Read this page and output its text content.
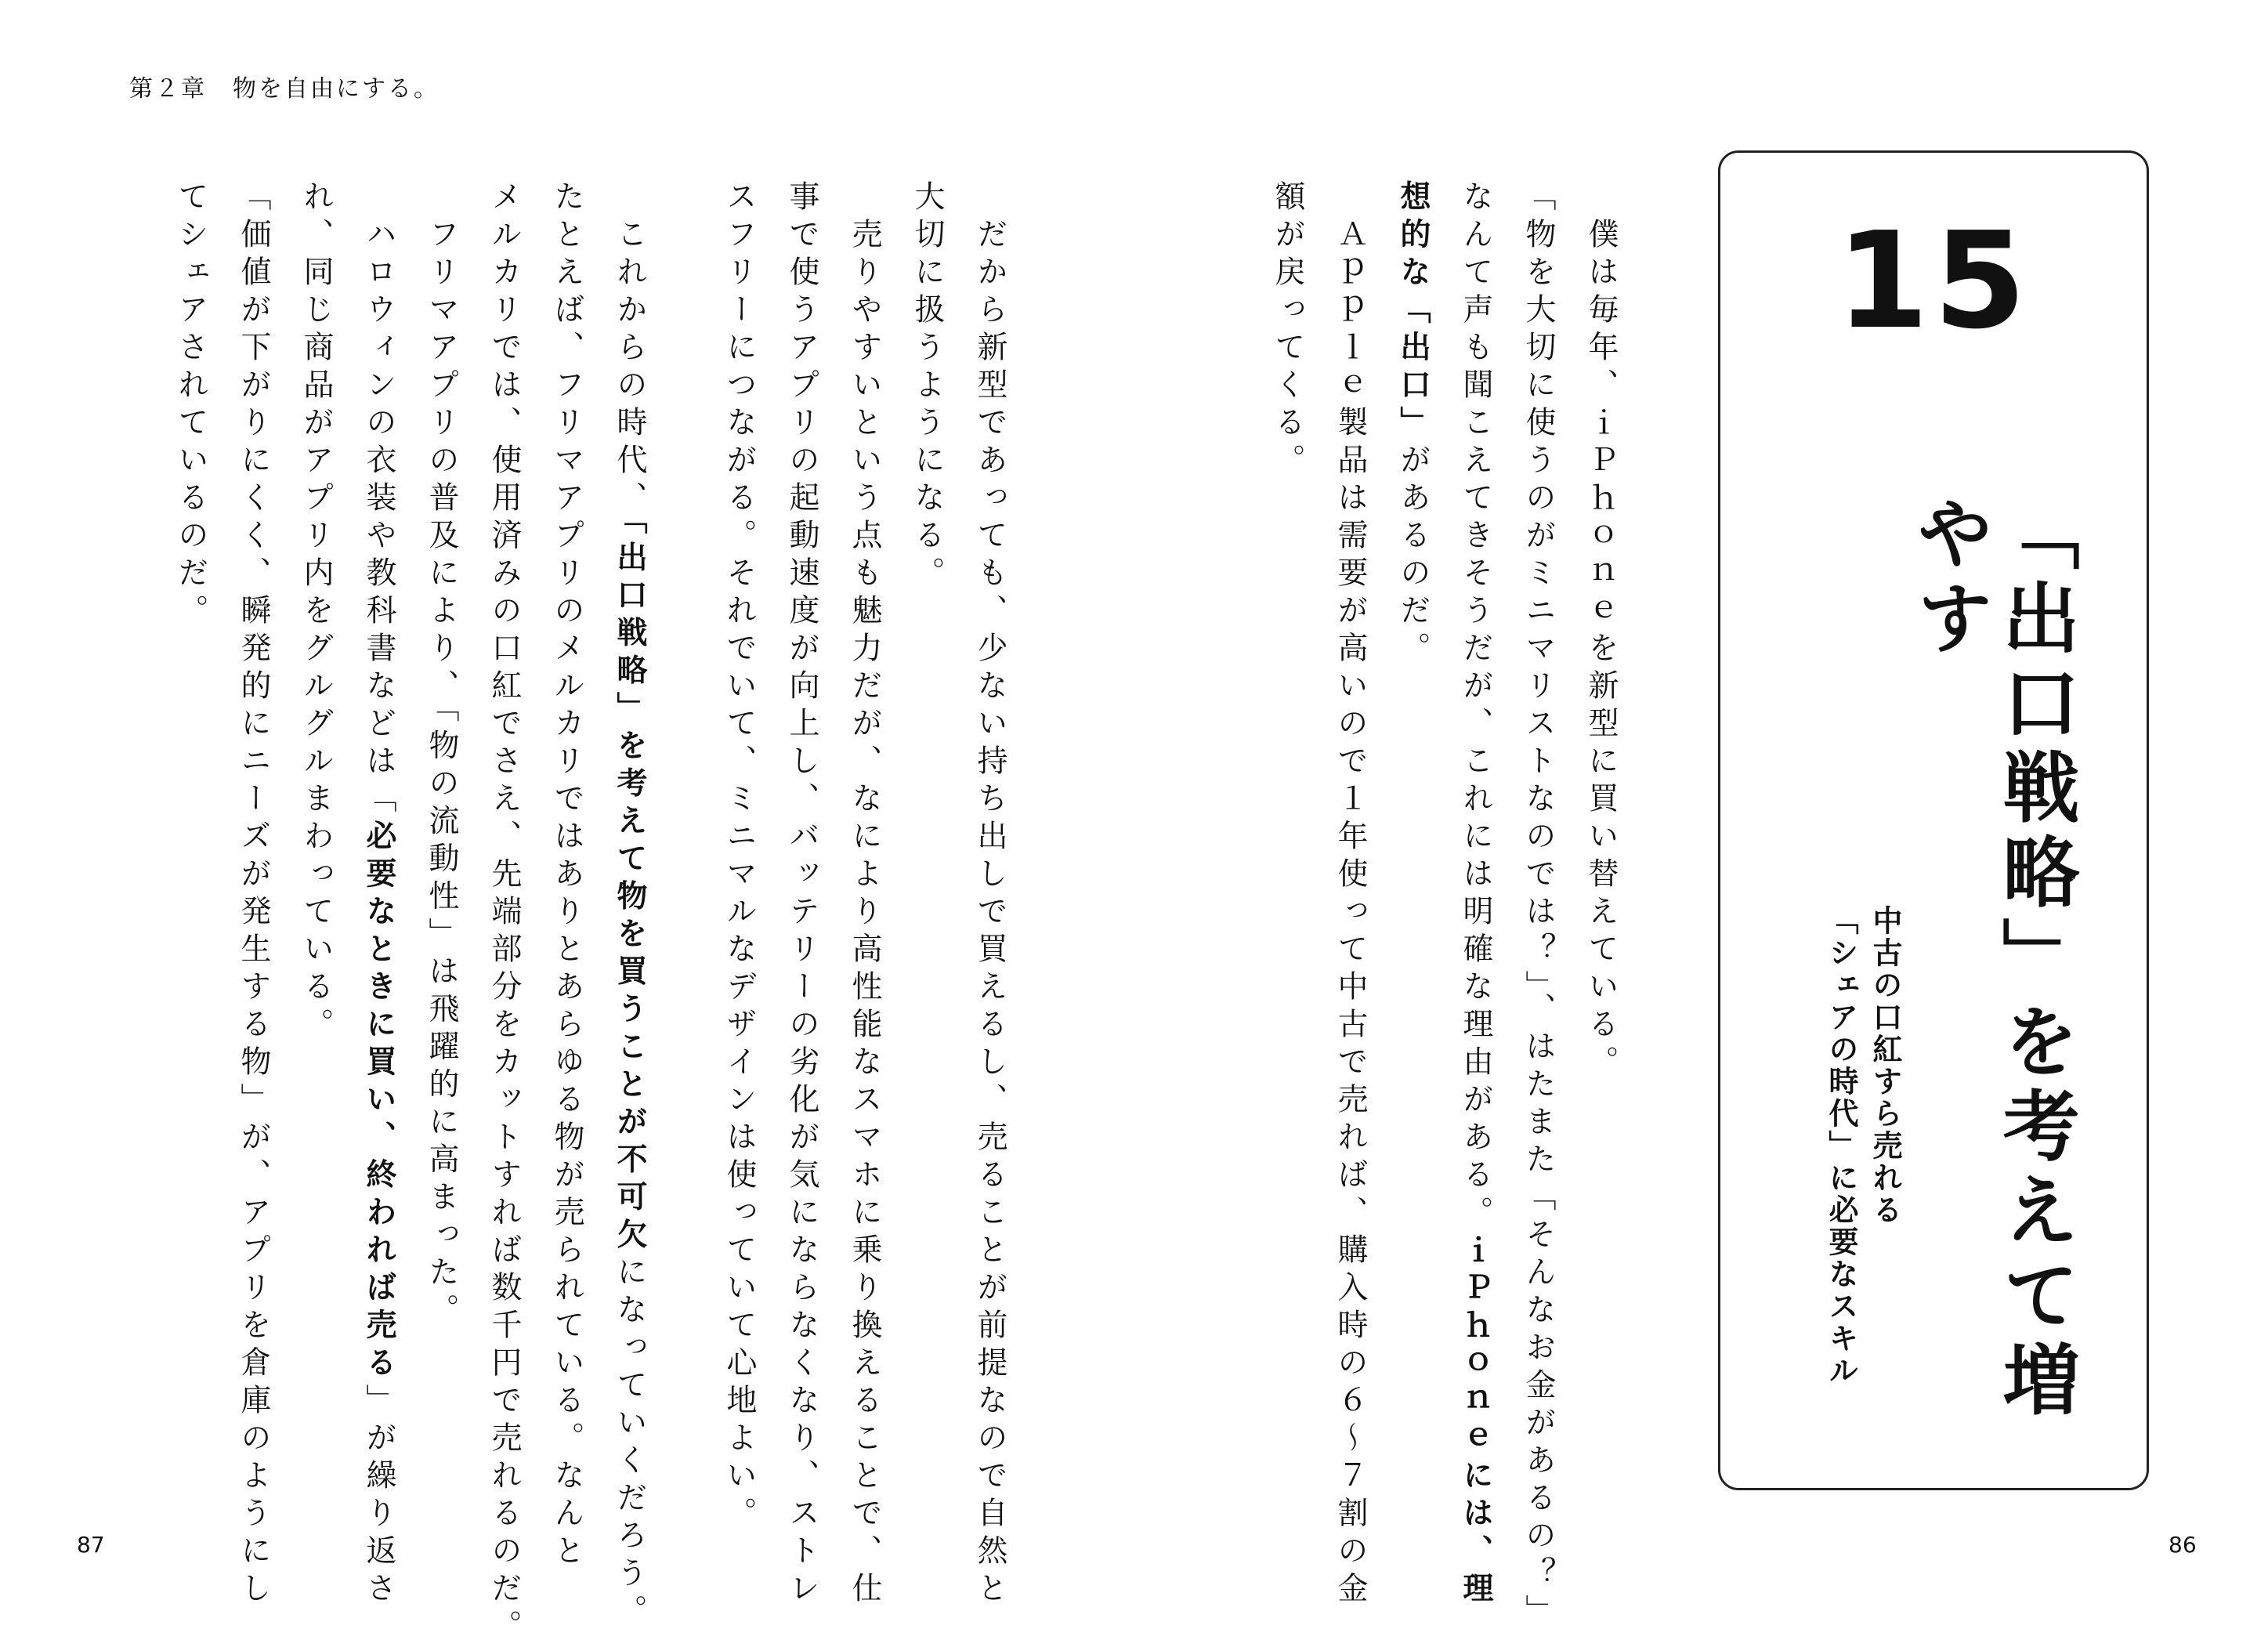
第２章　物を自由にする。
15
「出口戦略」を考えて増やす
中古の口紅すら売れる
「シェアの時代」に必要なスキル
　僕は毎年、ｉＰｈｏｎｅを新型に買い替えている。
「物を大切に使うのがミニマリストなのでは？」、はたまた「そんなお金があるの？」
なんて声も聞こえてきそうだが、これには明確な理由がある。ｉＰｈｏｎｅには、理
想的な「出口」があるのだ。
　Ａｐｐｌｅ製品は需要が高いので１年使って中古で売れば、購入時の６〜７割の金
額が戻ってくる。
　だから新型であっても、少ない持ち出しで買えるし、売ることが前提なので自然と
大切に扱うようになる。
　売りやすいという点も魅力だが、なにより高性能なスマホに乗り換えることで、仕
事で使うアプリの起動速度が向上し、バッテリーの劣化が気にならなくなり、ストレ
スフリーにつながる。それでいて、ミニマルなデザインは使っていて心地よい。
　これからの時代、「出口戦略」を考えて物を買うことが不可欠になっていくだろう。
たとえば、フリマアプリのメルカリではありとあらゆる物が売られている。なんと
メルカリでは、使用済みの口紅でさえ、先端部分をカットすれば数千円で売れるのだ。
　フリマアプリの普及により、「物の流動性」は飛躍的に高まった。
　ハロウィンの衣装や教科書などは「必要なときに買い、終われば売る」が繰り返さ
れ、同じ商品がアプリ内をグルグルまわっている。
「価値が下がりにくく、瞬発的にニーズが発生する物」が、アプリを倉庫のようにし
てシェアされているのだ。
87	86
